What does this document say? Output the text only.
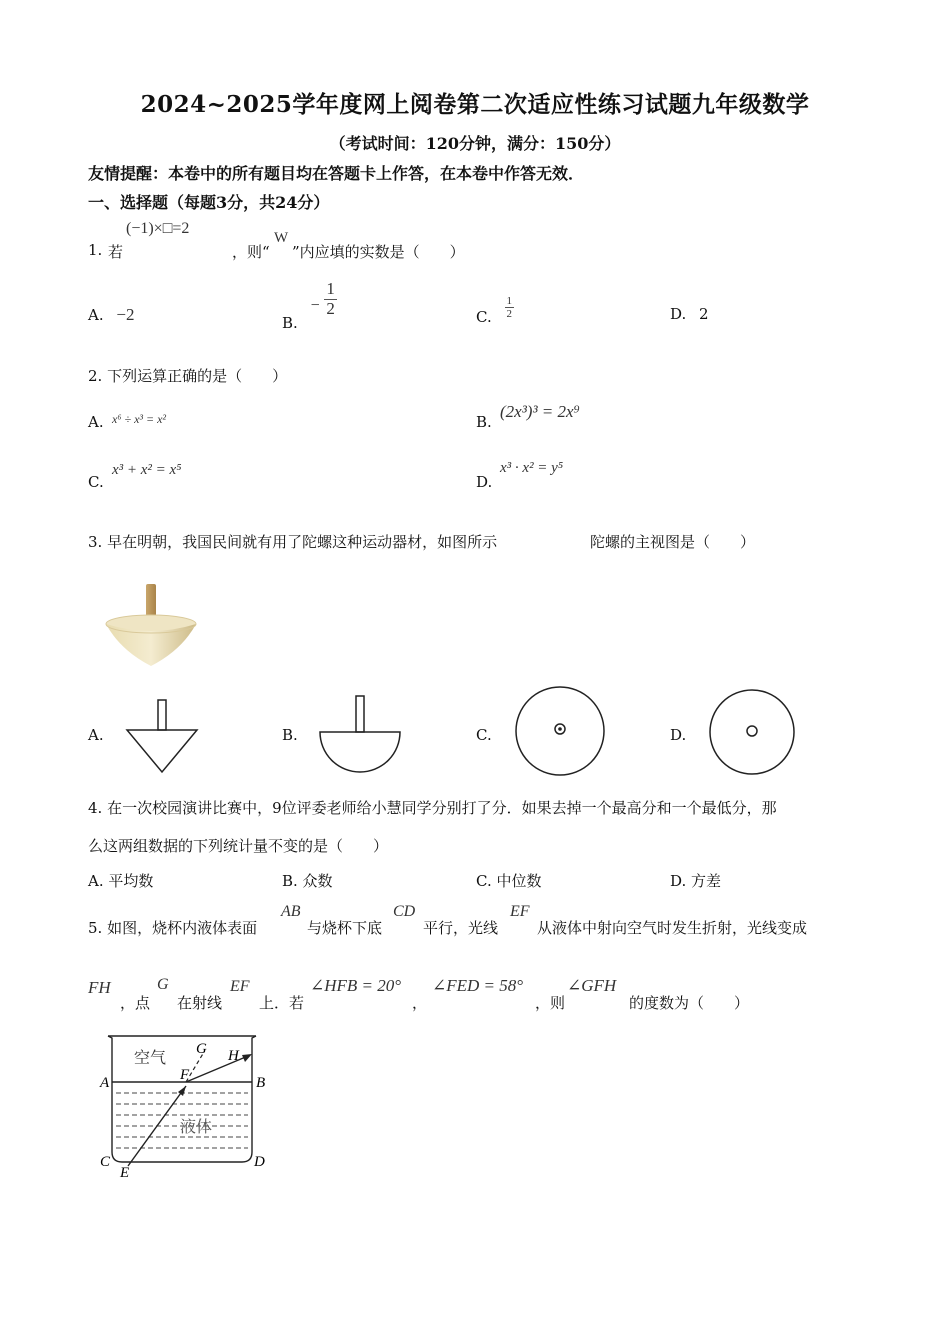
2024~2025学年度网上阅卷第二次适应性练习试题九年级数学
（考试时间：120分钟，满分：150分）
友情提醒：本卷中的所有题目均在答题卡上作答，在本卷中作答无效．
一、选择题（每题3分，共24分）
1. 若
(−1)×□=2
，则“
W
”内应填的实数是（　　）
A. −2	B. − $\frac{1}{2}$	C. $\frac{1}{2}$	D. 2
2. 下列运算正确的是（　　）
A. x⁶ ÷ x³ = x²	B.
(2x³)³ = 2x⁹
C.
x³ + x² = x⁵
D.
x³ · x² = y⁵
3. 早在明朝，我国民间就有用了陀螺这种运动器材，如图所示	陀螺的主视图是（　　）
A.	B.	C.	D.
4. 在一次校园演讲比赛中，9位评委老师给小慧同学分别打了分．如果去掉一个最高分和一个最低分，那
么这两组数据的下列统计量不变的是（　　）
A. 平均数	B. 众数	C. 中位数	D. 方差
5. 如图，烧杯内液体表面
AB
与烧杯下底
CD
平行，光线
EF
从液体中射向空气时发生折射，光线变成
FH
，点
G
在射线
EF
上．若
∠HFB = 20°
，
∠FED = 58°
，则
∠GFH
的度数为（　　）
空气
液体
A	B
C	D
E
F
G H
